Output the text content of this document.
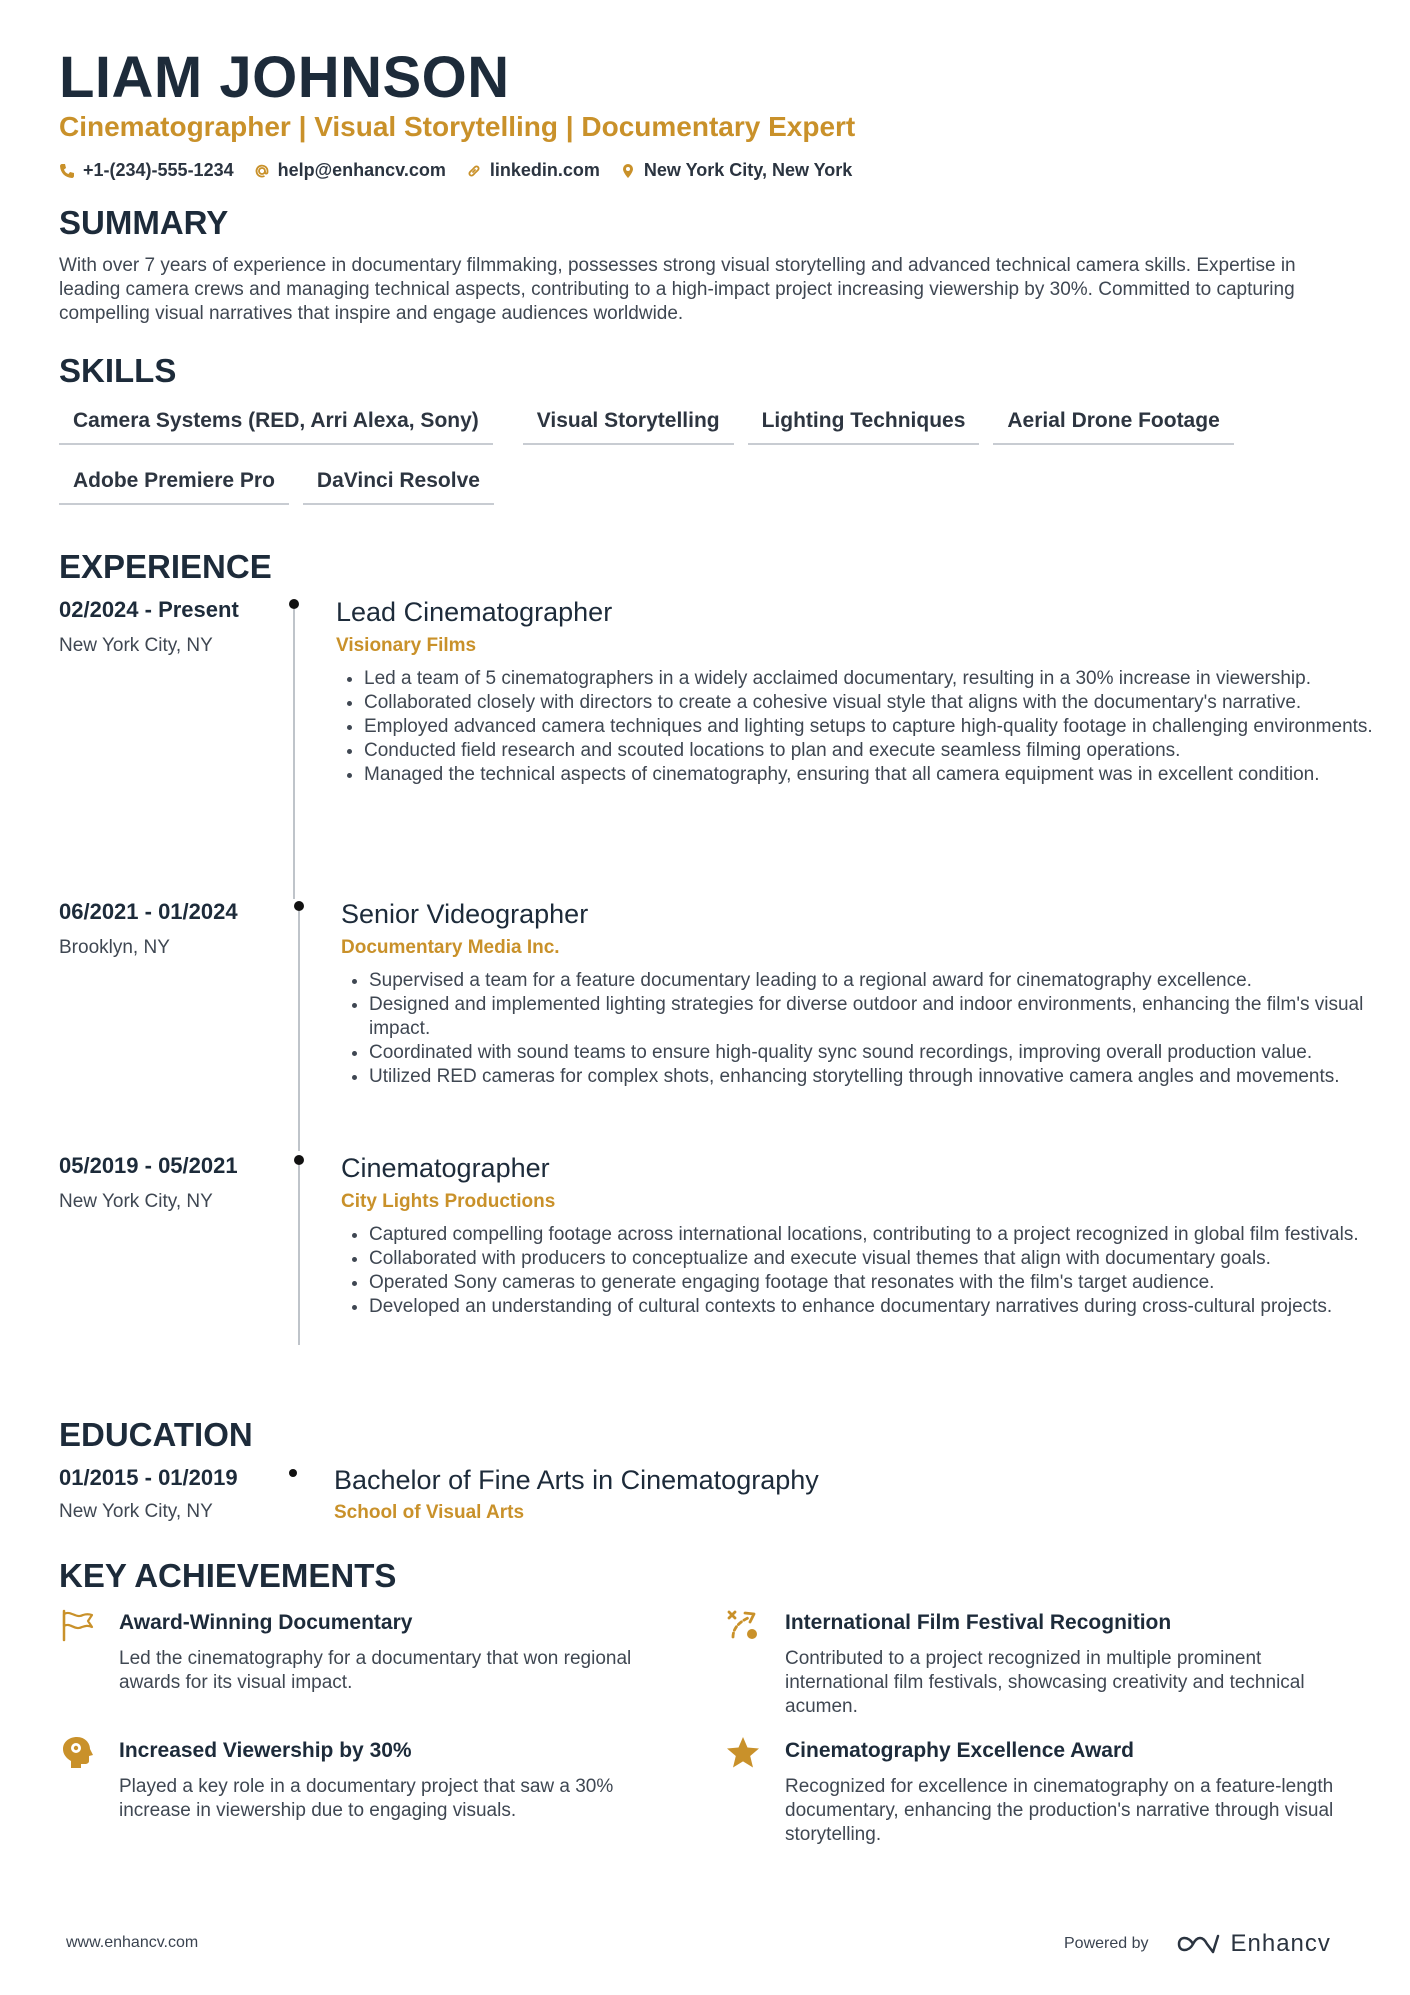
LIAM JOHNSON
Cinematographer | Visual Storytelling | Documentary Expert
+1-(234)-555-1234 help@enhancv.com linkedin.com New York City, New York
SUMMARY
With over 7 years of experience in documentary filmmaking, possesses strong visual storytelling and advanced technical camera skills. Expertise in leading camera crews and managing technical aspects, contributing to a high-impact project increasing viewership by 30%. Committed to capturing compelling visual narratives that inspire and engage audiences worldwide.
SKILLS
Camera Systems (RED, Arri Alexa, Sony)	Visual Storytelling	Lighting Techniques	Aerial Drone Footage
Adobe Premiere Pro	DaVinci Resolve
EXPERIENCE
02/2024 - Present
New York City, NY
Lead Cinematographer
Visionary Films
• Led a team of 5 cinematographers in a widely acclaimed documentary, resulting in a 30% increase in viewership.
• Collaborated closely with directors to create a cohesive visual style that aligns with the documentary's narrative.
• Employed advanced camera techniques and lighting setups to capture high-quality footage in challenging environments.
• Conducted field research and scouted locations to plan and execute seamless filming operations.
• Managed the technical aspects of cinematography, ensuring that all camera equipment was in excellent condition.
06/2021 - 01/2024
Brooklyn, NY
Senior Videographer
Documentary Media Inc.
• Supervised a team for a feature documentary leading to a regional award for cinematography excellence.
• Designed and implemented lighting strategies for diverse outdoor and indoor environments, enhancing the film's visual impact.
• Coordinated with sound teams to ensure high-quality sync sound recordings, improving overall production value.
• Utilized RED cameras for complex shots, enhancing storytelling through innovative camera angles and movements.
05/2019 - 05/2021
New York City, NY
Cinematographer
City Lights Productions
• Captured compelling footage across international locations, contributing to a project recognized in global film festivals.
• Collaborated with producers to conceptualize and execute visual themes that align with documentary goals.
• Operated Sony cameras to generate engaging footage that resonates with the film's target audience.
• Developed an understanding of cultural contexts to enhance documentary narratives during cross-cultural projects.
EDUCATION
01/2015 - 01/2019
New York City, NY
Bachelor of Fine Arts in Cinematography
School of Visual Arts
KEY ACHIEVEMENTS
Award-Winning Documentary
Led the cinematography for a documentary that won regional awards for its visual impact.
International Film Festival Recognition
Contributed to a project recognized in multiple prominent international film festivals, showcasing creativity and technical acumen.
Increased Viewership by 30%
Played a key role in a documentary project that saw a 30% increase in viewership due to engaging visuals.
Cinematography Excellence Award
Recognized for excellence in cinematography on a feature-length documentary, enhancing the production's narrative through visual storytelling.
www.enhancv.com	Powered by	Enhancv
